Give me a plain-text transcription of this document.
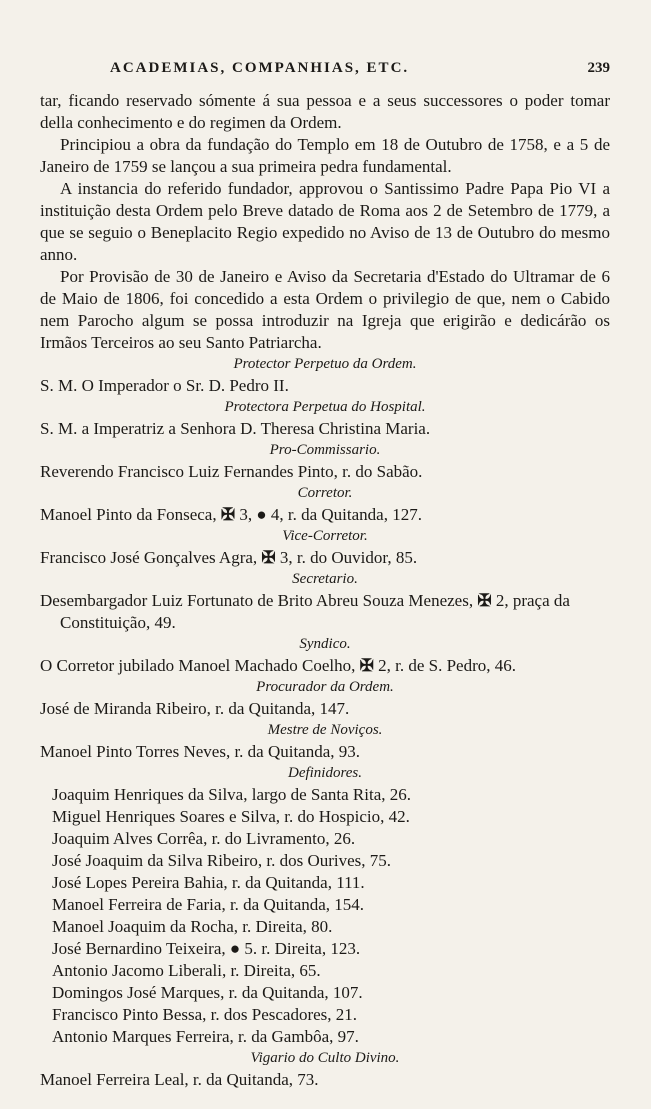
ACADEMIAS, COMPANHIAS, ETC.	239

tar, ficando reservado sómente á sua pessoa e a seus successores o poder tomar della conhecimento e do regimen da Ordem.

Principiou a obra da fundação do Templo em 18 de Outubro de 1758, e a 5 de Janeiro de 1759 se lançou a sua primeira pedra fundamental.

A instancia do referido fundador, approvou o Santissimo Padre Papa Pio VI a instituição desta Ordem pelo Breve datado de Roma aos 2 de Setembro de 1779, a que se seguio o Beneplacito Regio expedido no Aviso de 13 de Outubro do mesmo anno.

Por Provisão de 30 de Janeiro e Aviso da Secretaria d'Estado do Ultramar de 6 de Maio de 1806, foi concedido a esta Ordem o privilegio de que, nem o Cabido nem Parocho algum se possa introduzir na Igreja que erigirão e dedicárão os Irmãos Terceiros ao seu Santo Patriarcha.

Protector Perpetuo da Ordem.
S. M. O Imperador o Sr. D. Pedro II.
Protectora Perpetua do Hospital.
S. M. a Imperatriz a Senhora D. Theresa Christina Maria.
Pro-Commissario.
Reverendo Francisco Luiz Fernandes Pinto, r. do Sabão.
Corretor.
Manoel Pinto da Fonseca, ✠ 3, ● 4, r. da Quitanda, 127.
Vice-Corretor.
Francisco José Gonçalves Agra, ✠ 3, r. do Ouvidor, 85.
Secretario.
Desembargador Luiz Fortunato de Brito Abreu Souza Menezes, ✠ 2, praça da Constituição, 49.
Syndico.
O Corretor jubilado Manoel Machado Coelho, ✠ 2, r. de S. Pedro, 46.
Procurador da Ordem.
José de Miranda Ribeiro, r. da Quitanda, 147.
Mestre de Noviços.
Manoel Pinto Torres Neves, r. da Quitanda, 93.
Definidores.
Joaquim Henriques da Silva, largo de Santa Rita, 26.
Miguel Henriques Soares e Silva, r. do Hospicio, 42.
Joaquim Alves Corrêa, r. do Livramento, 26.
José Joaquim da Silva Ribeiro, r. dos Ourives, 75.
José Lopes Pereira Bahia, r. da Quitanda, 111.
Manoel Ferreira de Faria, r. da Quitanda, 154.
Manoel Joaquim da Rocha, r. Direita, 80.
José Bernardino Teixeira, ● 5. r. Direita, 123.
Antonio Jacomo Liberali, r. Direita, 65.
Domingos José Marques, r. da Quitanda, 107.
Francisco Pinto Bessa, r. dos Pescadores, 21.
Antonio Marques Ferreira, r. da Gambôa, 97.
Vigario do Culto Divino.
Manoel Ferreira Leal, r. da Quitanda, 73.
